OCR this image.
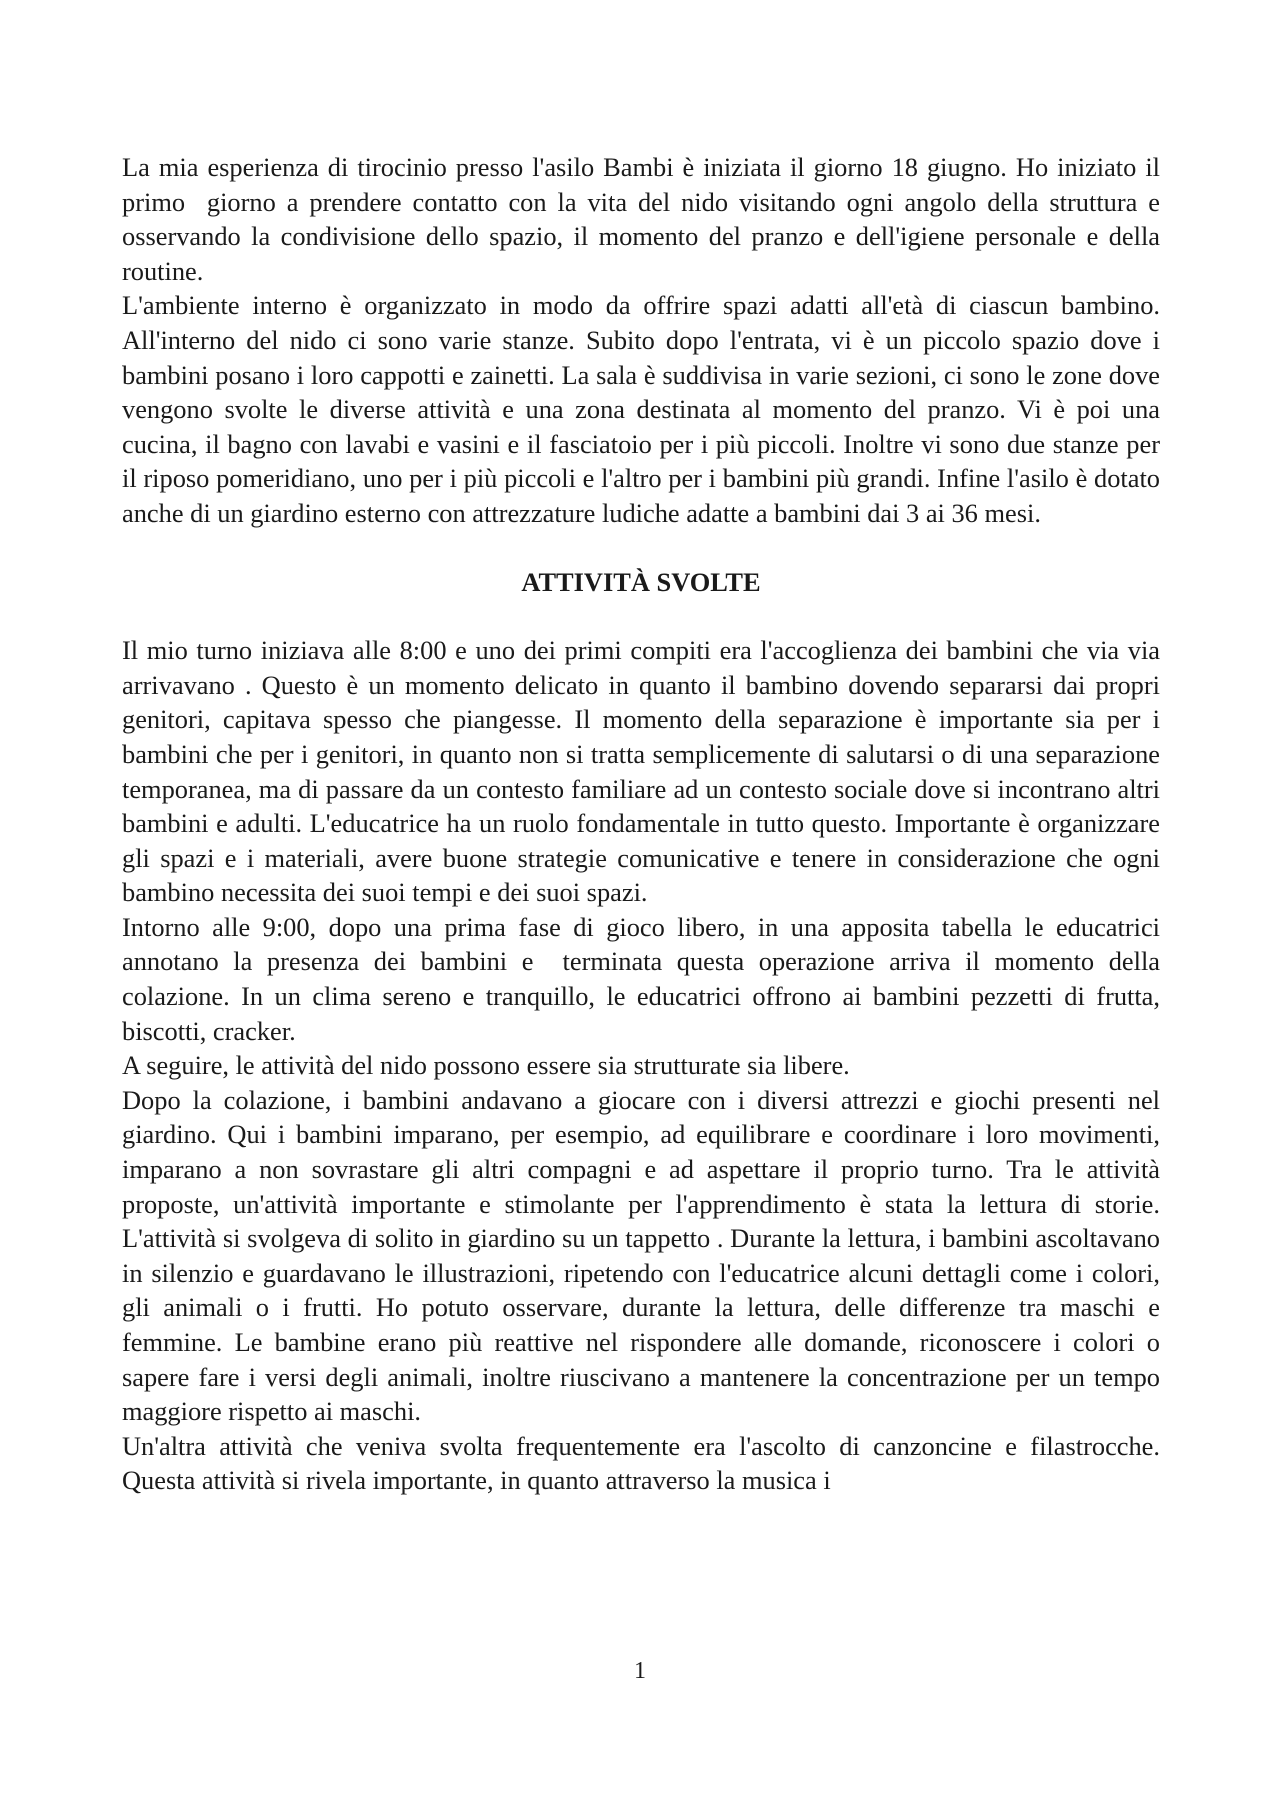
La mia esperienza di tirocinio presso l'asilo Bambi è iniziata il giorno 18 giugno. Ho iniziato il primo  giorno a prendere contatto con la vita del nido visitando ogni angolo della struttura e osservando la condivisione dello spazio, il momento del pranzo e dell'igiene personale e della routine.

L'ambiente interno è organizzato in modo da offrire spazi adatti all'età di ciascun bambino. All'interno del nido ci sono varie stanze. Subito dopo l'entrata, vi è un piccolo spazio dove i bambini posano i loro cappotti e zainetti. La sala è suddivisa in varie sezioni, ci sono le zone dove vengono svolte le diverse attività e una zona destinata al momento del pranzo. Vi è poi una cucina, il bagno con lavabi e vasini e il fasciatoio per i più piccoli. Inoltre vi sono due stanze per il riposo pomeridiano, uno per i più piccoli e l'altro per i bambini più grandi. Infine l'asilo è dotato anche di un giardino esterno con attrezzature ludiche adatte a bambini dai 3 ai 36 mesi.

ATTIVITÀ SVOLTE

Il mio turno iniziava alle 8:00 e uno dei primi compiti era l'accoglienza dei bambini che via via arrivavano . Questo è un momento delicato in quanto il bambino dovendo separarsi dai propri genitori, capitava spesso che piangesse. Il momento della separazione è importante sia per i bambini che per i genitori, in quanto non si tratta semplicemente di salutarsi o di una separazione temporanea, ma di passare da un contesto familiare ad un contesto sociale dove si incontrano altri bambini e adulti. L'educatrice ha un ruolo fondamentale in tutto questo. Importante è organizzare gli spazi e i materiali, avere buone strategie comunicative e tenere in considerazione che ogni bambino necessita dei suoi tempi e dei suoi spazi.

Intorno alle 9:00, dopo una prima fase di gioco libero, in una apposita tabella le educatrici annotano la presenza dei bambini e  terminata questa operazione arriva il momento della colazione. In un clima sereno e tranquillo, le educatrici offrono ai bambini pezzetti di frutta, biscotti, cracker.

A seguire, le attività del nido possono essere sia strutturate sia libere.

Dopo la colazione, i bambini andavano a giocare con i diversi attrezzi e giochi presenti nel giardino. Qui i bambini imparano, per esempio, ad equilibrare e coordinare i loro movimenti, imparano a non sovrastare gli altri compagni e ad aspettare il proprio turno. Tra le attività proposte, un'attività importante e stimolante per l'apprendimento è stata la lettura di storie. L'attività si svolgeva di solito in giardino su un tappetto . Durante la lettura, i bambini ascoltavano in silenzio e guardavano le illustrazioni, ripetendo con l'educatrice alcuni dettagli come i colori, gli animali o i frutti. Ho potuto osservare, durante la lettura, delle differenze tra maschi e femmine. Le bambine erano più reattive nel rispondere alle domande, riconoscere i colori o sapere fare i versi degli animali, inoltre riuscivano a mantenere la concentrazione per un tempo maggiore rispetto ai maschi.

Un'altra attività che veniva svolta frequentemente era l'ascolto di canzoncine e filastrocche. Questa attività si rivela importante, in quanto attraverso la musica i

1
